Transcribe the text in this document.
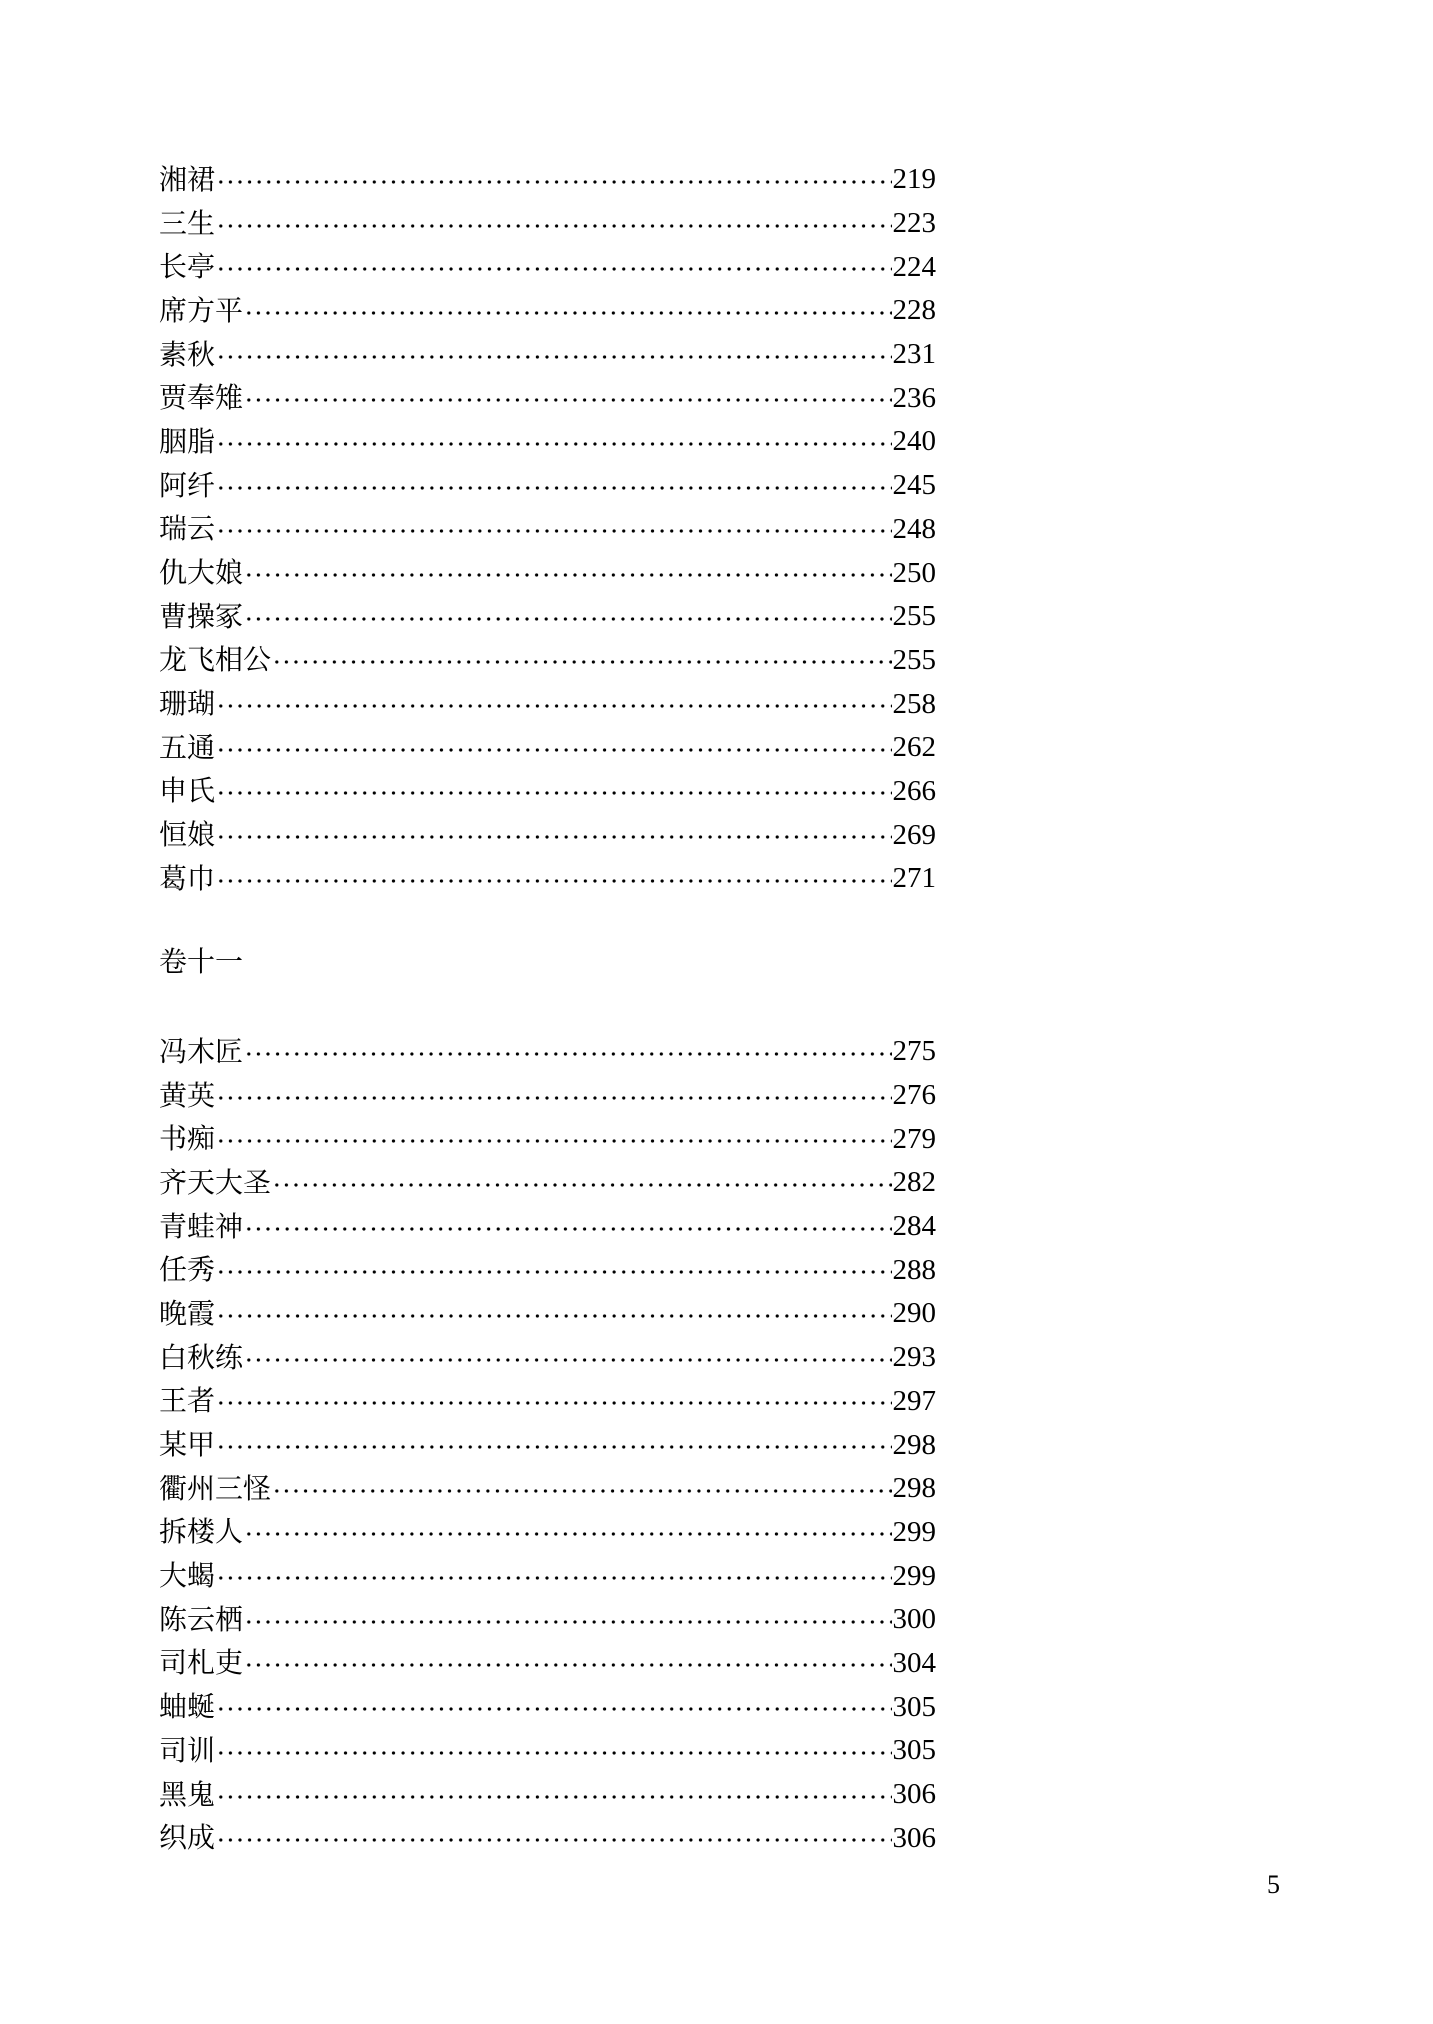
湘裙	219
三生	223
长亭	224
席方平	228
素秋	231
贾奉雉	236
胭脂	240
阿纤	245
瑞云	248
仇大娘	250
曹操冢	255
龙飞相公	255
珊瑚	258
五通	262
申氏	266
恒娘	269
葛巾	271
卷十一
冯木匠	275
黄英	276
书痴	279
齐天大圣	282
青蛙神	284
任秀	288
晚霞	290
白秋练	293
王者	297
某甲	298
衢州三怪	298
拆楼人	299
大蝎	299
陈云栖	300
司札吏	304
蚰蜒	305
司训	305
黑鬼	306
织成	306
5
